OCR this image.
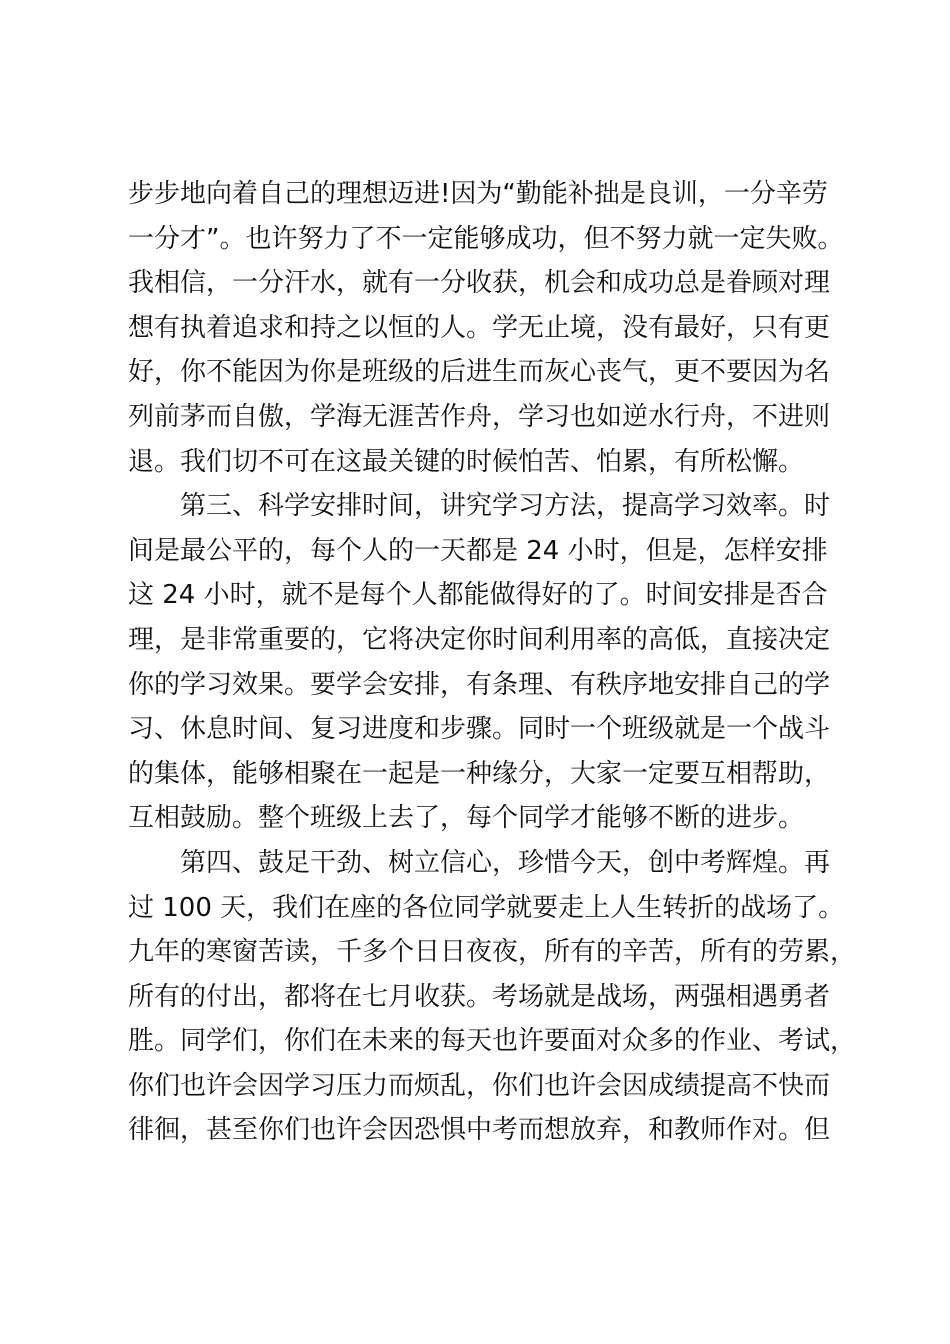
步步地向着自己的理想迈进!因为“勤能补拙是良训，一分辛劳
一分才”。也许努力了不一定能够成功，但不努力就一定失败。
我相信，一分汗水，就有一分收获，机会和成功总是眷顾对理
想有执着追求和持之以恒的人。学无止境，没有最好，只有更
好，你不能因为你是班级的后进生而灰心丧气，更不要因为名
列前茅而自傲，学海无涯苦作舟，学习也如逆水行舟，不进则
退。我们切不可在这最关键的时候怕苦、怕累，有所松懈。
第三、科学安排时间，讲究学习方法，提高学习效率。时
间是最公平的，每个人的一天都是 24 小时，但是，怎样安排
这 24 小时，就不是每个人都能做得好的了。时间安排是否合
理，是非常重要的，它将决定你时间利用率的高低，直接决定
你的学习效果。要学会安排，有条理、有秩序地安排自己的学
习、休息时间、复习进度和步骤。同时一个班级就是一个战斗
的集体，能够相聚在一起是一种缘分，大家一定要互相帮助，
互相鼓励。整个班级上去了，每个同学才能够不断的进步。
第四、鼓足干劲、树立信心，珍惜今天，创中考辉煌。再
过 100 天，我们在座的各位同学就要走上人生转折的战场了。
九年的寒窗苦读，千多个日日夜夜，所有的辛苦，所有的劳累，
所有的付出，都将在七月收获。考场就是战场，两强相遇勇者
胜。同学们，你们在未来的每天也许要面对众多的作业、考试，
你们也许会因学习压力而烦乱，你们也许会因成绩提高不快而
徘徊，甚至你们也许会因恐惧中考而想放弃，和教师作对。但
